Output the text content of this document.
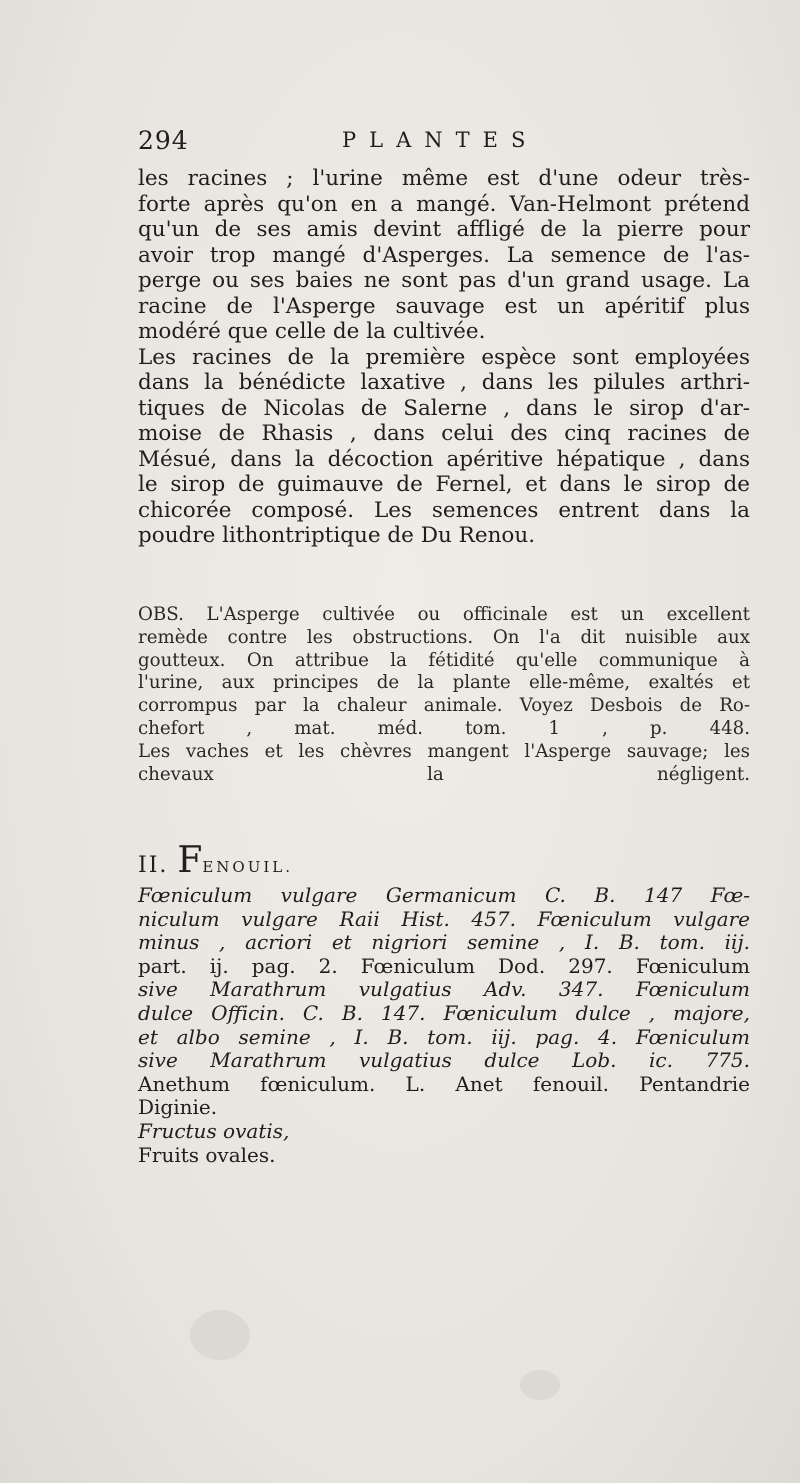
294	PLANTES
les racines ; l'urine même est d'une odeur très-
forte après qu'on en a mangé. Van-Helmont prétend
qu'un de ses amis devint affligé de la pierre pour
avoir trop mangé d'Asperges. La semence de l'as-
perge ou ses baies ne sont pas d'un grand usage. La
racine de l'Asperge sauvage est un apéritif plus
modéré que celle de la cultivée.
Les racines de la première espèce sont employées
dans la bénédicte laxative , dans les pilules arthri-
tiques de Nicolas de Salerne , dans le sirop d'ar-
moise de Rhasis , dans celui des cinq racines de
Mésué, dans la décoction apéritive hépatique , dans
le sirop de guimauve de Fernel, et dans le sirop de
chicorée composé. Les semences entrent dans la
poudre lithontriptique de Du Renou.
OBS. L'Asperge cultivée ou officinale est un excellent
remède contre les obstructions. On l'a dit nuisible aux
goutteux. On attribue la fétidité qu'elle communique à
l'urine, aux principes de la plante elle-même, exaltés et
corrompus par la chaleur animale. Voyez Desbois de Ro-
chefort , mat. méd. tom. 1 , p. 448.
Les vaches et les chèvres mangent l'Asperge sauvage; les
chevaux la négligent.
II. FENOUIL.
Fœniculum vulgare Germanicum C. B. 147 Fœ-
niculum vulgare Raii Hist. 457. Fœniculum vulgare
minus , acriori et nigriori semine , I. B. tom. iij.
part. ij. pag. 2. Fœniculum Dod. 297. Fœniculum
sive Marathrum vulgatius Adv. 347. Fœniculum
dulce Officin. C. B. 147. Fœniculum dulce , majore,
et albo semine , I. B. tom. iij. pag. 4. Fœniculum
sive Marathrum vulgatius dulce Lob. ic. 775.
Anethum fœniculum. L. Anet fenouil. Pentandrie
Diginie.
Fructus ovatis,
Fruits ovales.
